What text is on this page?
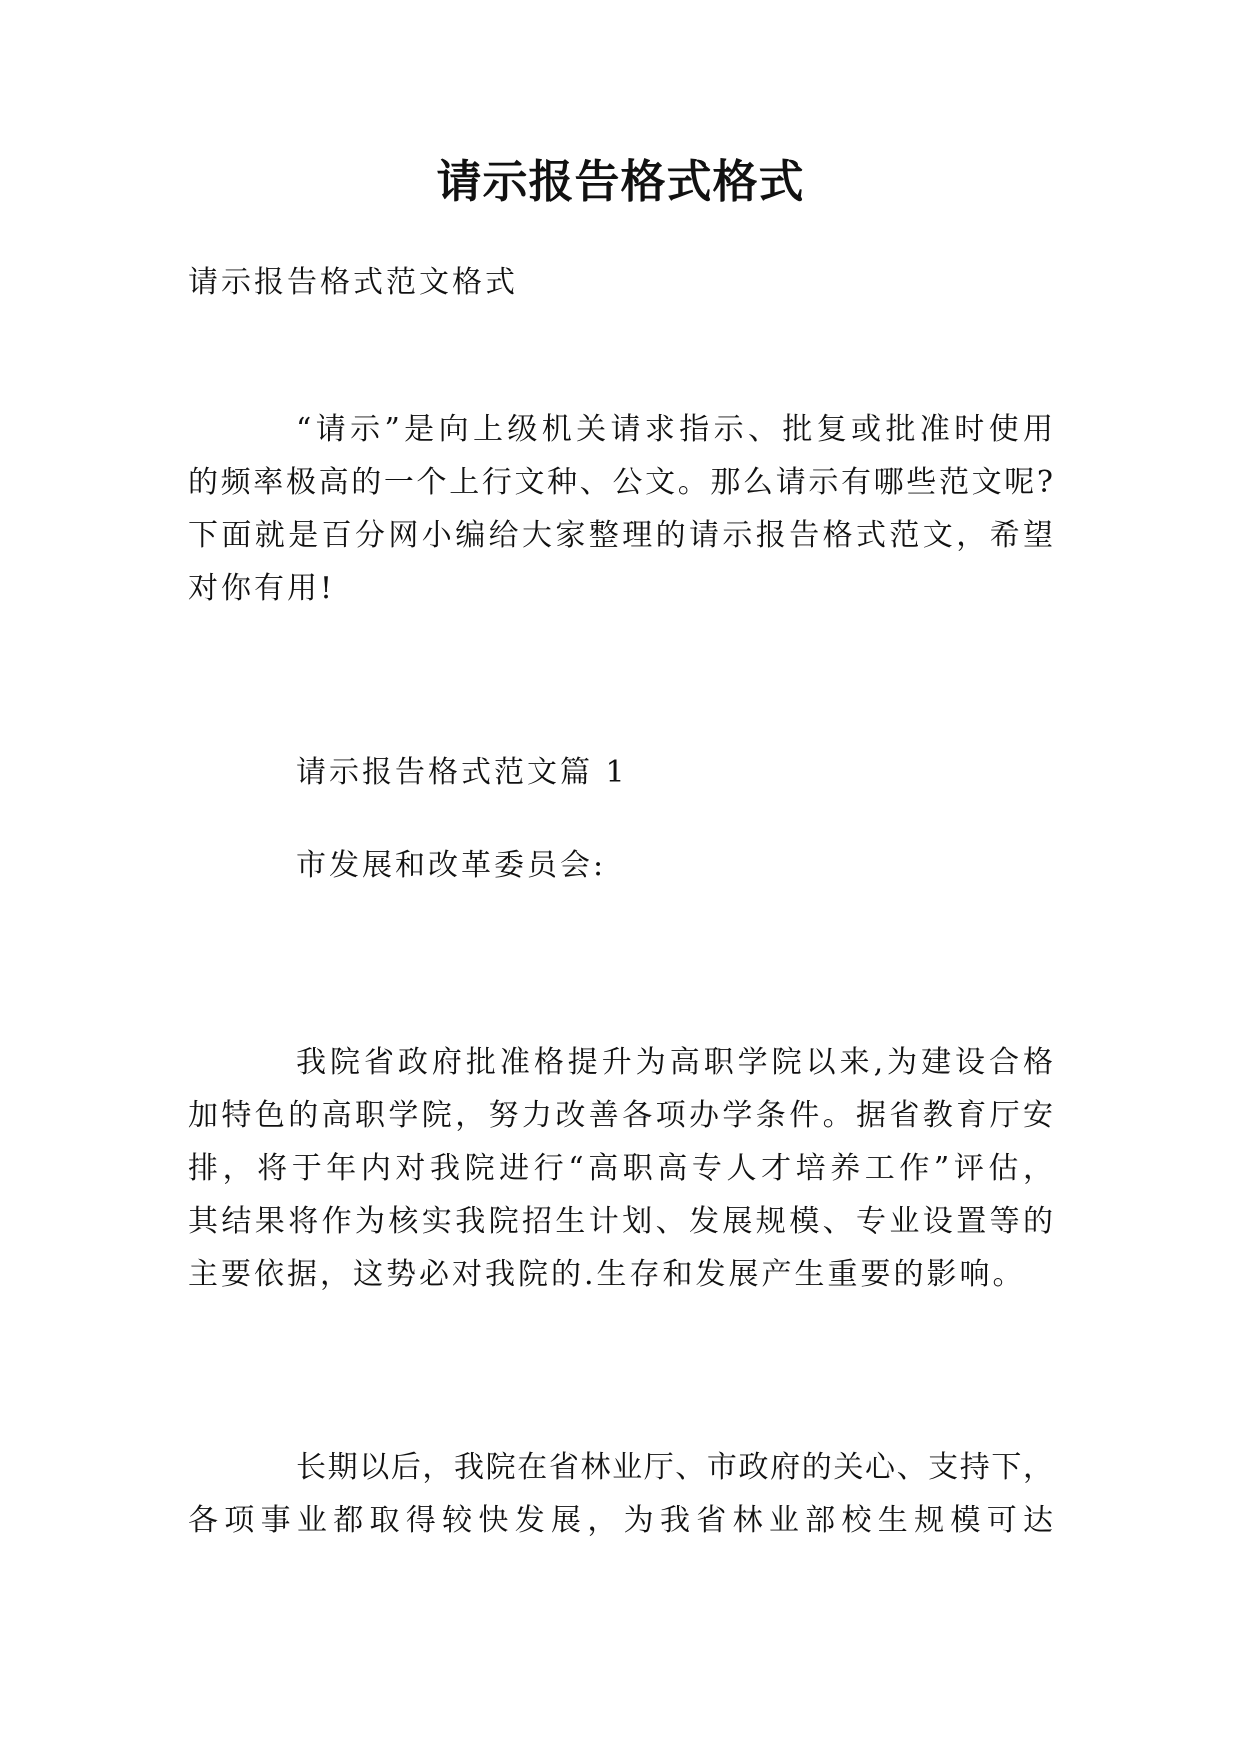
请示报告格式格式
请示报告格式范文格式
“请示”是向上级机关请求指示、批复或批准时使用
的频率极高的一个上行文种、公文。那么请示有哪些范文呢?
下面就是百分网小编给大家整理的请示报告格式范文，希望
对你有用!
请示报告格式范文篇 1
市发展和改革委员会:
我院省政府批准格提升为高职学院以来,为建设合格
加特色的高职学院，努力改善各项办学条件。据省教育厅安
排，将于年内对我院进行“高职高专人才培养工作”评估，
其结果将作为核实我院招生计划、发展规模、专业设置等的
主要依据，这势必对我院的.生存和发展产生重要的影响。
长期以后，我院在省林业厅、市政府的关心、支持下，
各项事业都取得较快发展，为我省林业部校生规模可达
